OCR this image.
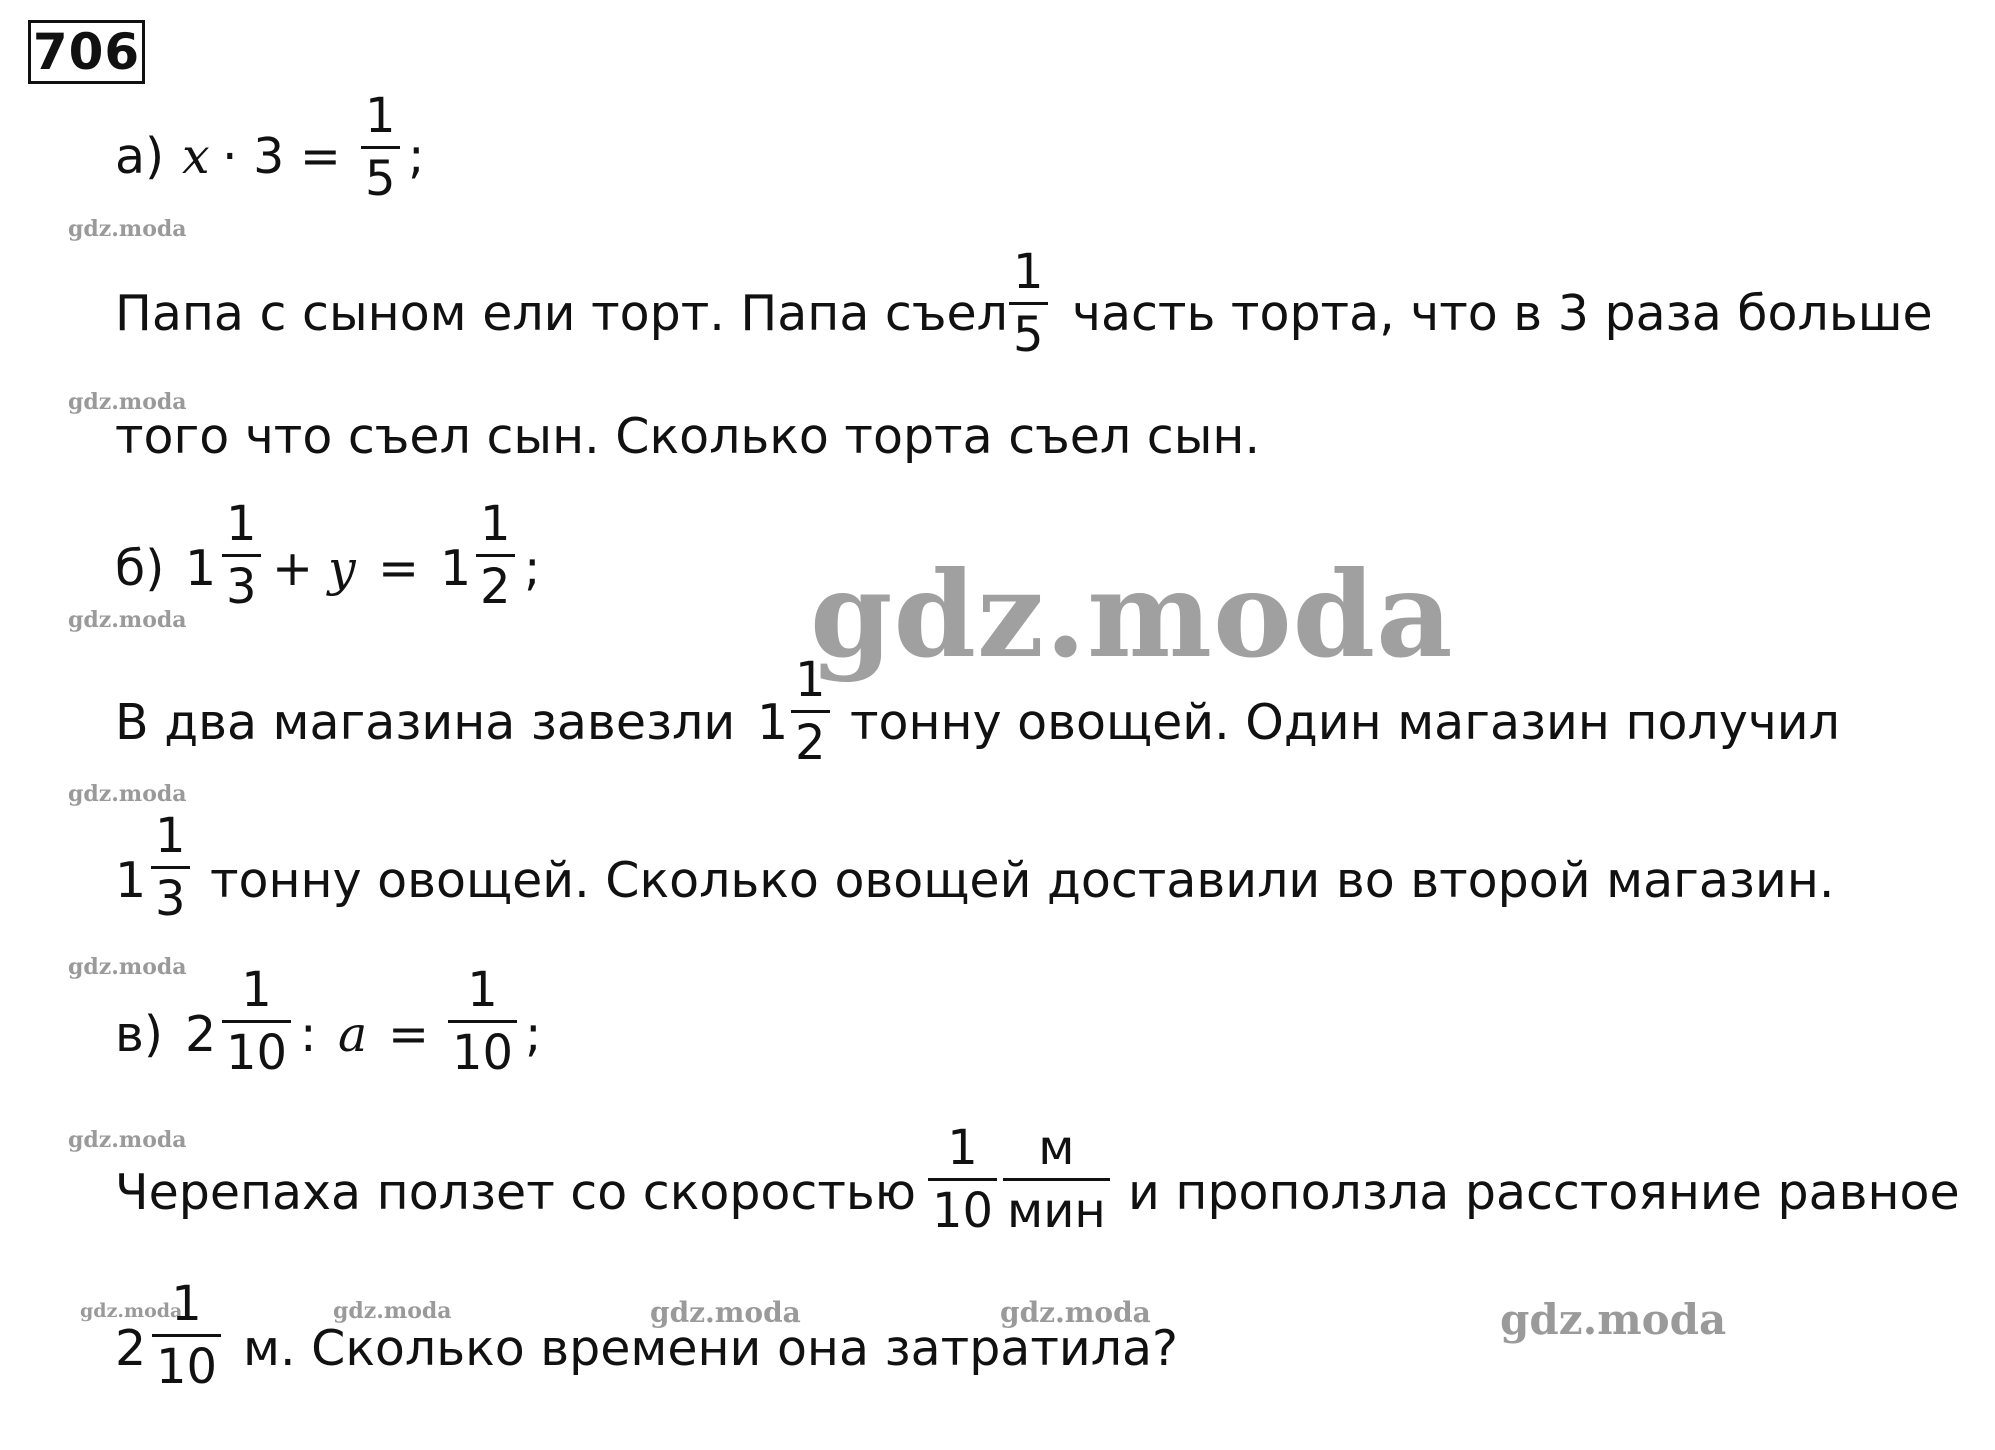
706
gdz.moda
gdz.moda
gdz.moda
gdz.moda
gdz.moda
gdz.moda
gdz.moda	gdz.moda	gdz.moda	gdz.moda	gdz.moda
gdz.moda
а) x · 3 =
1
5 ;
Папа с сыном ели торт. Папа съел
1
5 часть торта, что в 3 раза больше
того что съел сын. Сколько торта съел сын.
б) 1
1
3 + y = 1
1
2 ;
В два магазина завезли 1
1
2 тонну овощей. Один магазин получил
1
1
3 тонну овощей. Сколько овощей доставили во второй магазин.
в) 2
1
10 : a =
1
10 ;
Черепаха ползет со скоростью
1
10
м
мин и проползла расстояние равное
2
1
10 м. Сколько времени она затратила?
